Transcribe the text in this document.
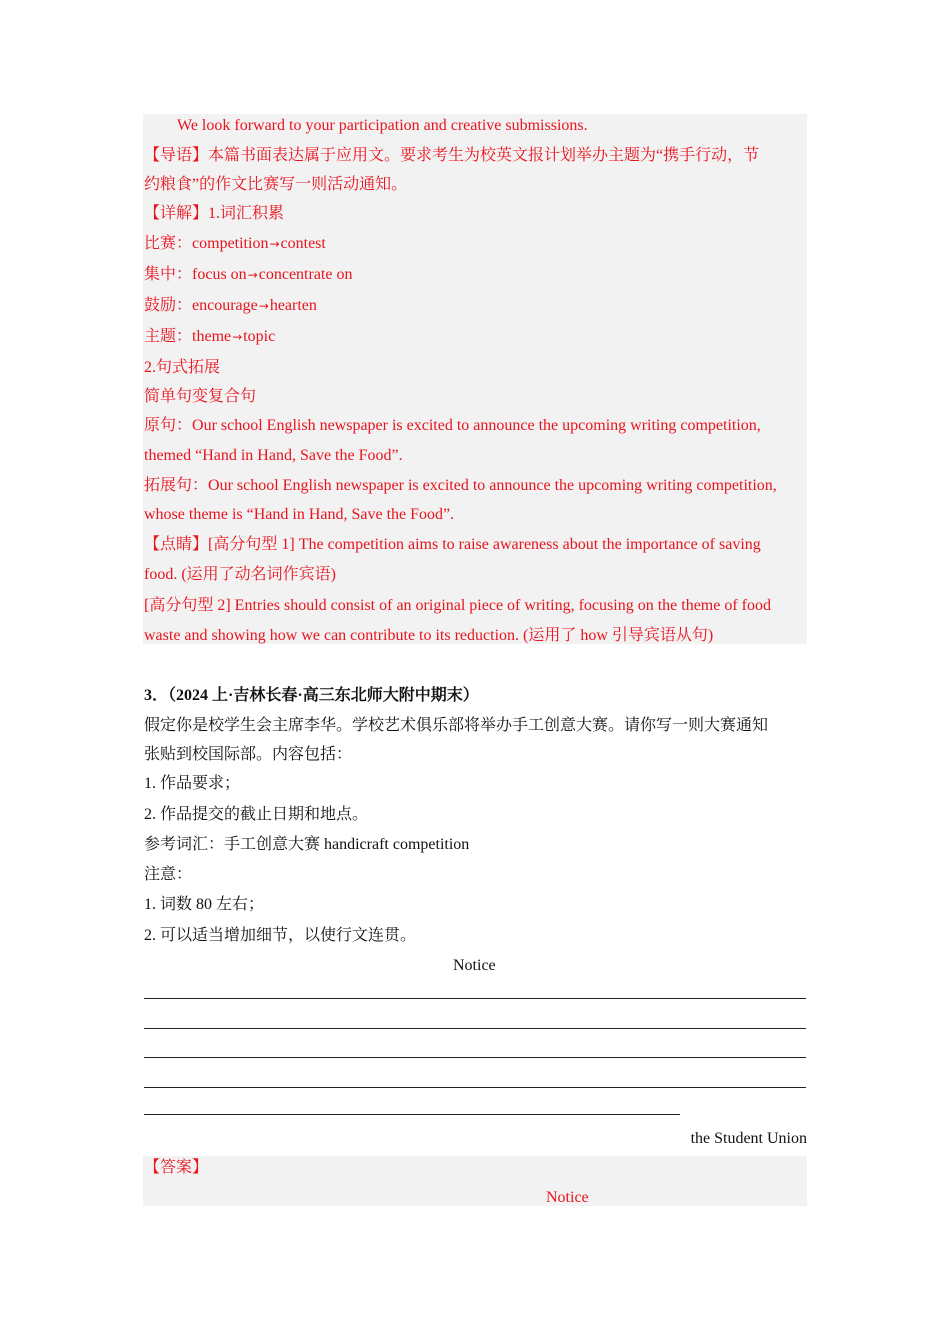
We look forward to your participation and creative submissions.
【导语】本篇书面表达属于应用文。要求考生为校英文报计划举办主题为“携手行动，节
约粮食”的作文比赛写一则活动通知。
【详解】1.词汇积累
比赛：competition→contest
集中：focus on→concentrate on
鼓励：encourage→hearten
主题：theme→topic
2.句式拓展
简单句变复合句
原句：Our school English newspaper is excited to announce the upcoming writing competition,
themed “Hand in Hand, Save the Food”.
拓展句：Our school English newspaper is excited to announce the upcoming writing competition,
whose theme is “Hand in Hand, Save the Food”.
【点睛】[高分句型 1] The competition aims to raise awareness about the importance of saving
food. (运用了动名词作宾语)
[高分句型 2] Entries should consist of an original piece of writing, focusing on the theme of food
waste and showing how we can contribute to its reduction. (运用了 how 引导宾语从句)
3．（2024 上·吉林长春·高三东北师大附中期末）
假定你是校学生会主席李华。学校艺术俱乐部将举办手工创意大赛。请你写一则大赛通知
张贴到校国际部。内容包括：
1. 作品要求；
2. 作品提交的截止日期和地点。
参考词汇：手工创意大赛 handicraft competition
注意：
1. 词数 80 左右；
2. 可以适当增加细节，以使行文连贯。
Notice
the Student Union
【答案】
Notice
